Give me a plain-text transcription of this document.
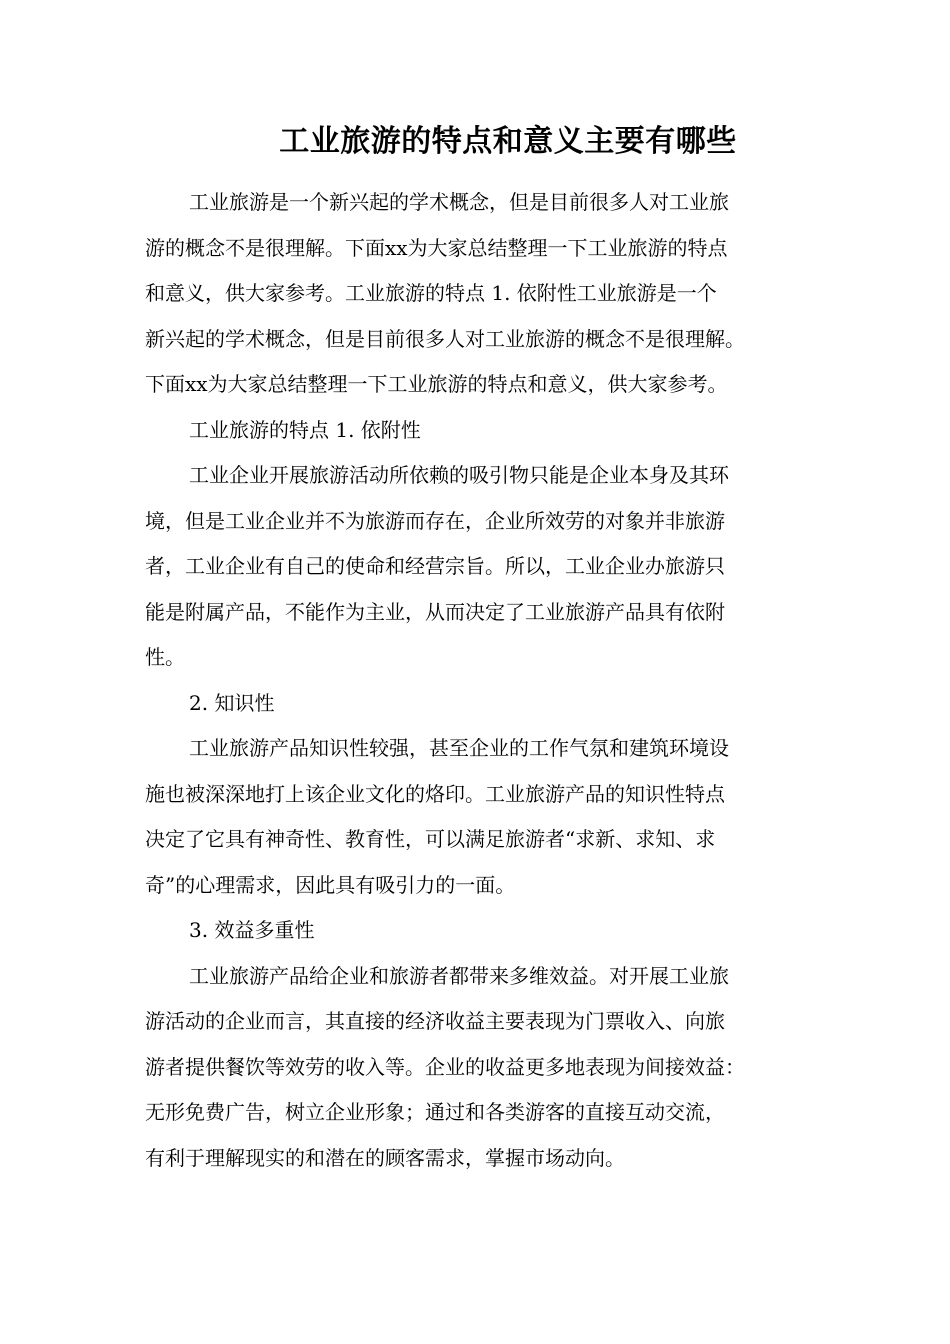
工业旅游的特点和意义主要有哪些
工业旅游是一个新兴起的学术概念，但是目前很多人对工业旅
游的概念不是很理解。下面xx为大家总结整理一下工业旅游的特点
和意义，供大家参考。工业旅游的特点 1. 依附性工业旅游是一个
新兴起的学术概念，但是目前很多人对工业旅游的概念不是很理解。
下面xx为大家总结整理一下工业旅游的特点和意义，供大家参考。
工业旅游的特点 1. 依附性
工业企业开展旅游活动所依赖的吸引物只能是企业本身及其环
境，但是工业企业并不为旅游而存在，企业所效劳的对象并非旅游
者，工业企业有自己的使命和经营宗旨。所以，工业企业办旅游只
能是附属产品，不能作为主业，从而决定了工业旅游产品具有依附
性。
2. 知识性
工业旅游产品知识性较强，甚至企业的工作气氛和建筑环境设
施也被深深地打上该企业文化的烙印。工业旅游产品的知识性特点
决定了它具有神奇性、教育性，可以满足旅游者“求新、求知、求
奇”的心理需求，因此具有吸引力的一面。
3. 效益多重性
工业旅游产品给企业和旅游者都带来多维效益。对开展工业旅
游活动的企业而言，其直接的经济收益主要表现为门票收入、向旅
游者提供餐饮等效劳的收入等。企业的收益更多地表现为间接效益：
无形免费广告，树立企业形象；通过和各类游客的直接互动交流，
有利于理解现实的和潜在的顾客需求，掌握市场动向。
